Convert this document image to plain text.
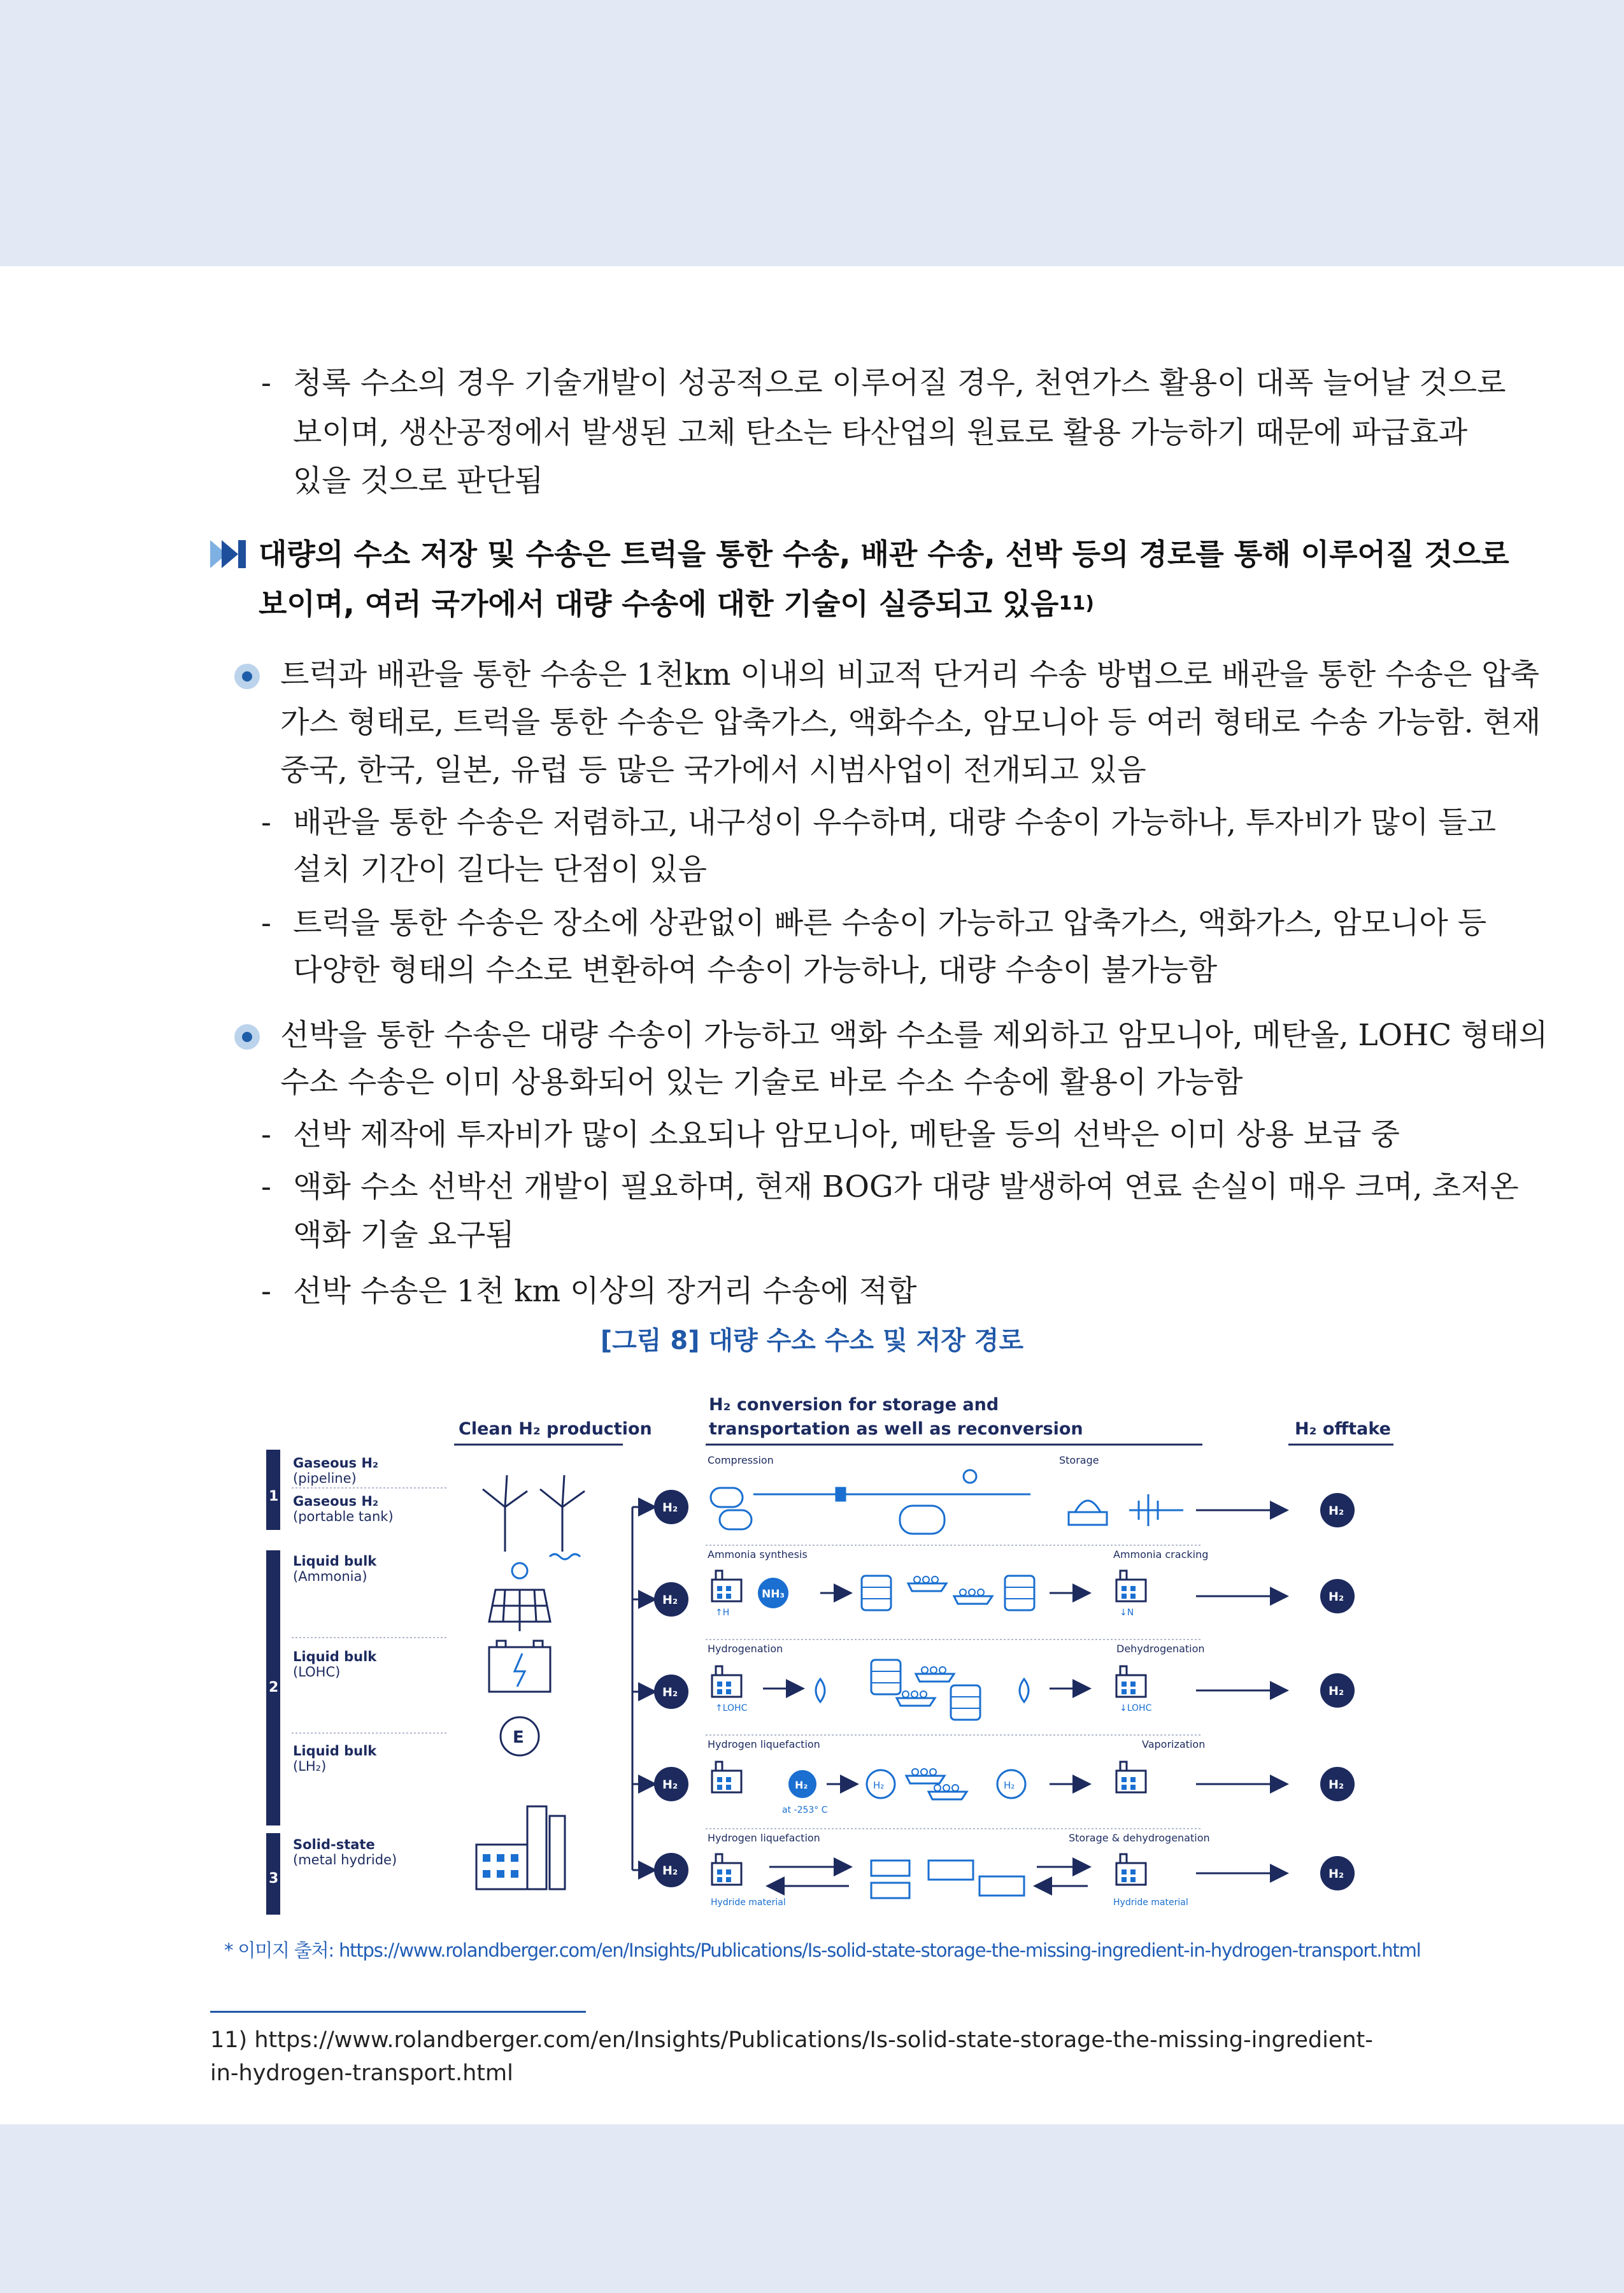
- 청록 수소의 경우 기술개발이 성공적으로 이루어질 경우, 천연가스 활용이 대폭 늘어날 것으로
보이며, 생산공정에서 발생된 고체 탄소는 타산업의 원료로 활용 가능하기 때문에 파급효과
있을 것으로 판단됨
대량의 수소 저장 및 수송은 트럭을 통한 수송, 배관 수송, 선박 등의 경로를 통해 이루어질 것으로
보이며, 여러 국가에서 대량 수송에 대한 기술이 실증되고 있음$^{11)}$
트럭과 배관을 통한 수송은 1천km 이내의 비교적 단거리 수송 방법으로 배관을 통한 수송은 압축
가스 형태로, 트럭을 통한 수송은 압축가스, 액화수소, 암모니아 등 여러 형태로 수송 가능함. 현재
중국, 한국, 일본, 유럽 등 많은 국가에서 시범사업이 전개되고 있음
- 배관을 통한 수송은 저렴하고, 내구성이 우수하며, 대량 수송이 가능하나, 투자비가 많이 들고
설치 기간이 길다는 단점이 있음
- 트럭을 통한 수송은 장소에 상관없이 빠른 수송이 가능하고 압축가스, 액화가스, 암모니아 등
다양한 형태의 수소로 변환하여 수송이 가능하나, 대량 수송이 불가능함
선박을 통한 수송은 대량 수송이 가능하고 액화 수소를 제외하고 암모니아, 메탄올, LOHC 형태의
수소 수송은 이미 상용화되어 있는 기술로 바로 수소 수송에 활용이 가능함
- 선박 제작에 투자비가 많이 소요되나 암모니아, 메탄올 등의 선박은 이미 상용 보급 중
- 액화 수소 선박선 개발이 필요하며, 현재 BOG가 대량 발생하여 연료 손실이 매우 크며, 초저온
액화 기술 요구됨
- 선박 수송은 1천 km 이상의 장거리 수송에 적합
[그림 8] 대량 수소 수소 및 저장 경로
Clean H₂ production
H₂ conversion for storage and
transportation as well as reconversion	H₂ offtake
1
2
3
Gaseous H₂
(pipeline)
Gaseous H₂
(portable tank)
Liquid bulk
(Ammonia)
Liquid bulk
(LOHC)
Liquid bulk
(LH₂)
Solid-state
(metal hydride)
E
H₂
H₂
H₂
H₂
H₂
Compression	Storage
Ammonia synthesis	Ammonia cracking
Hydrogenation	Dehydrogenation
Hydrogen liquefaction	Vaporization
Hydrogen liquefaction	Storage & dehydrogenation
NH₃
↑H	↓N
↑LOHC	↓LOHC
H₂
at -253° C
H₂	H₂
Hydride material	Hydride material
H₂
H₂
H₂
H₂
H₂
* 이미지 출처: https://www.rolandberger.com/en/Insights/Publications/Is-solid-state-storage-the-missing-ingredient-in-hydrogen-transport.html
11) https://www.rolandberger.com/en/Insights/Publications/Is-solid-state-storage-the-missing-ingredient-
in-hydrogen-transport.html
